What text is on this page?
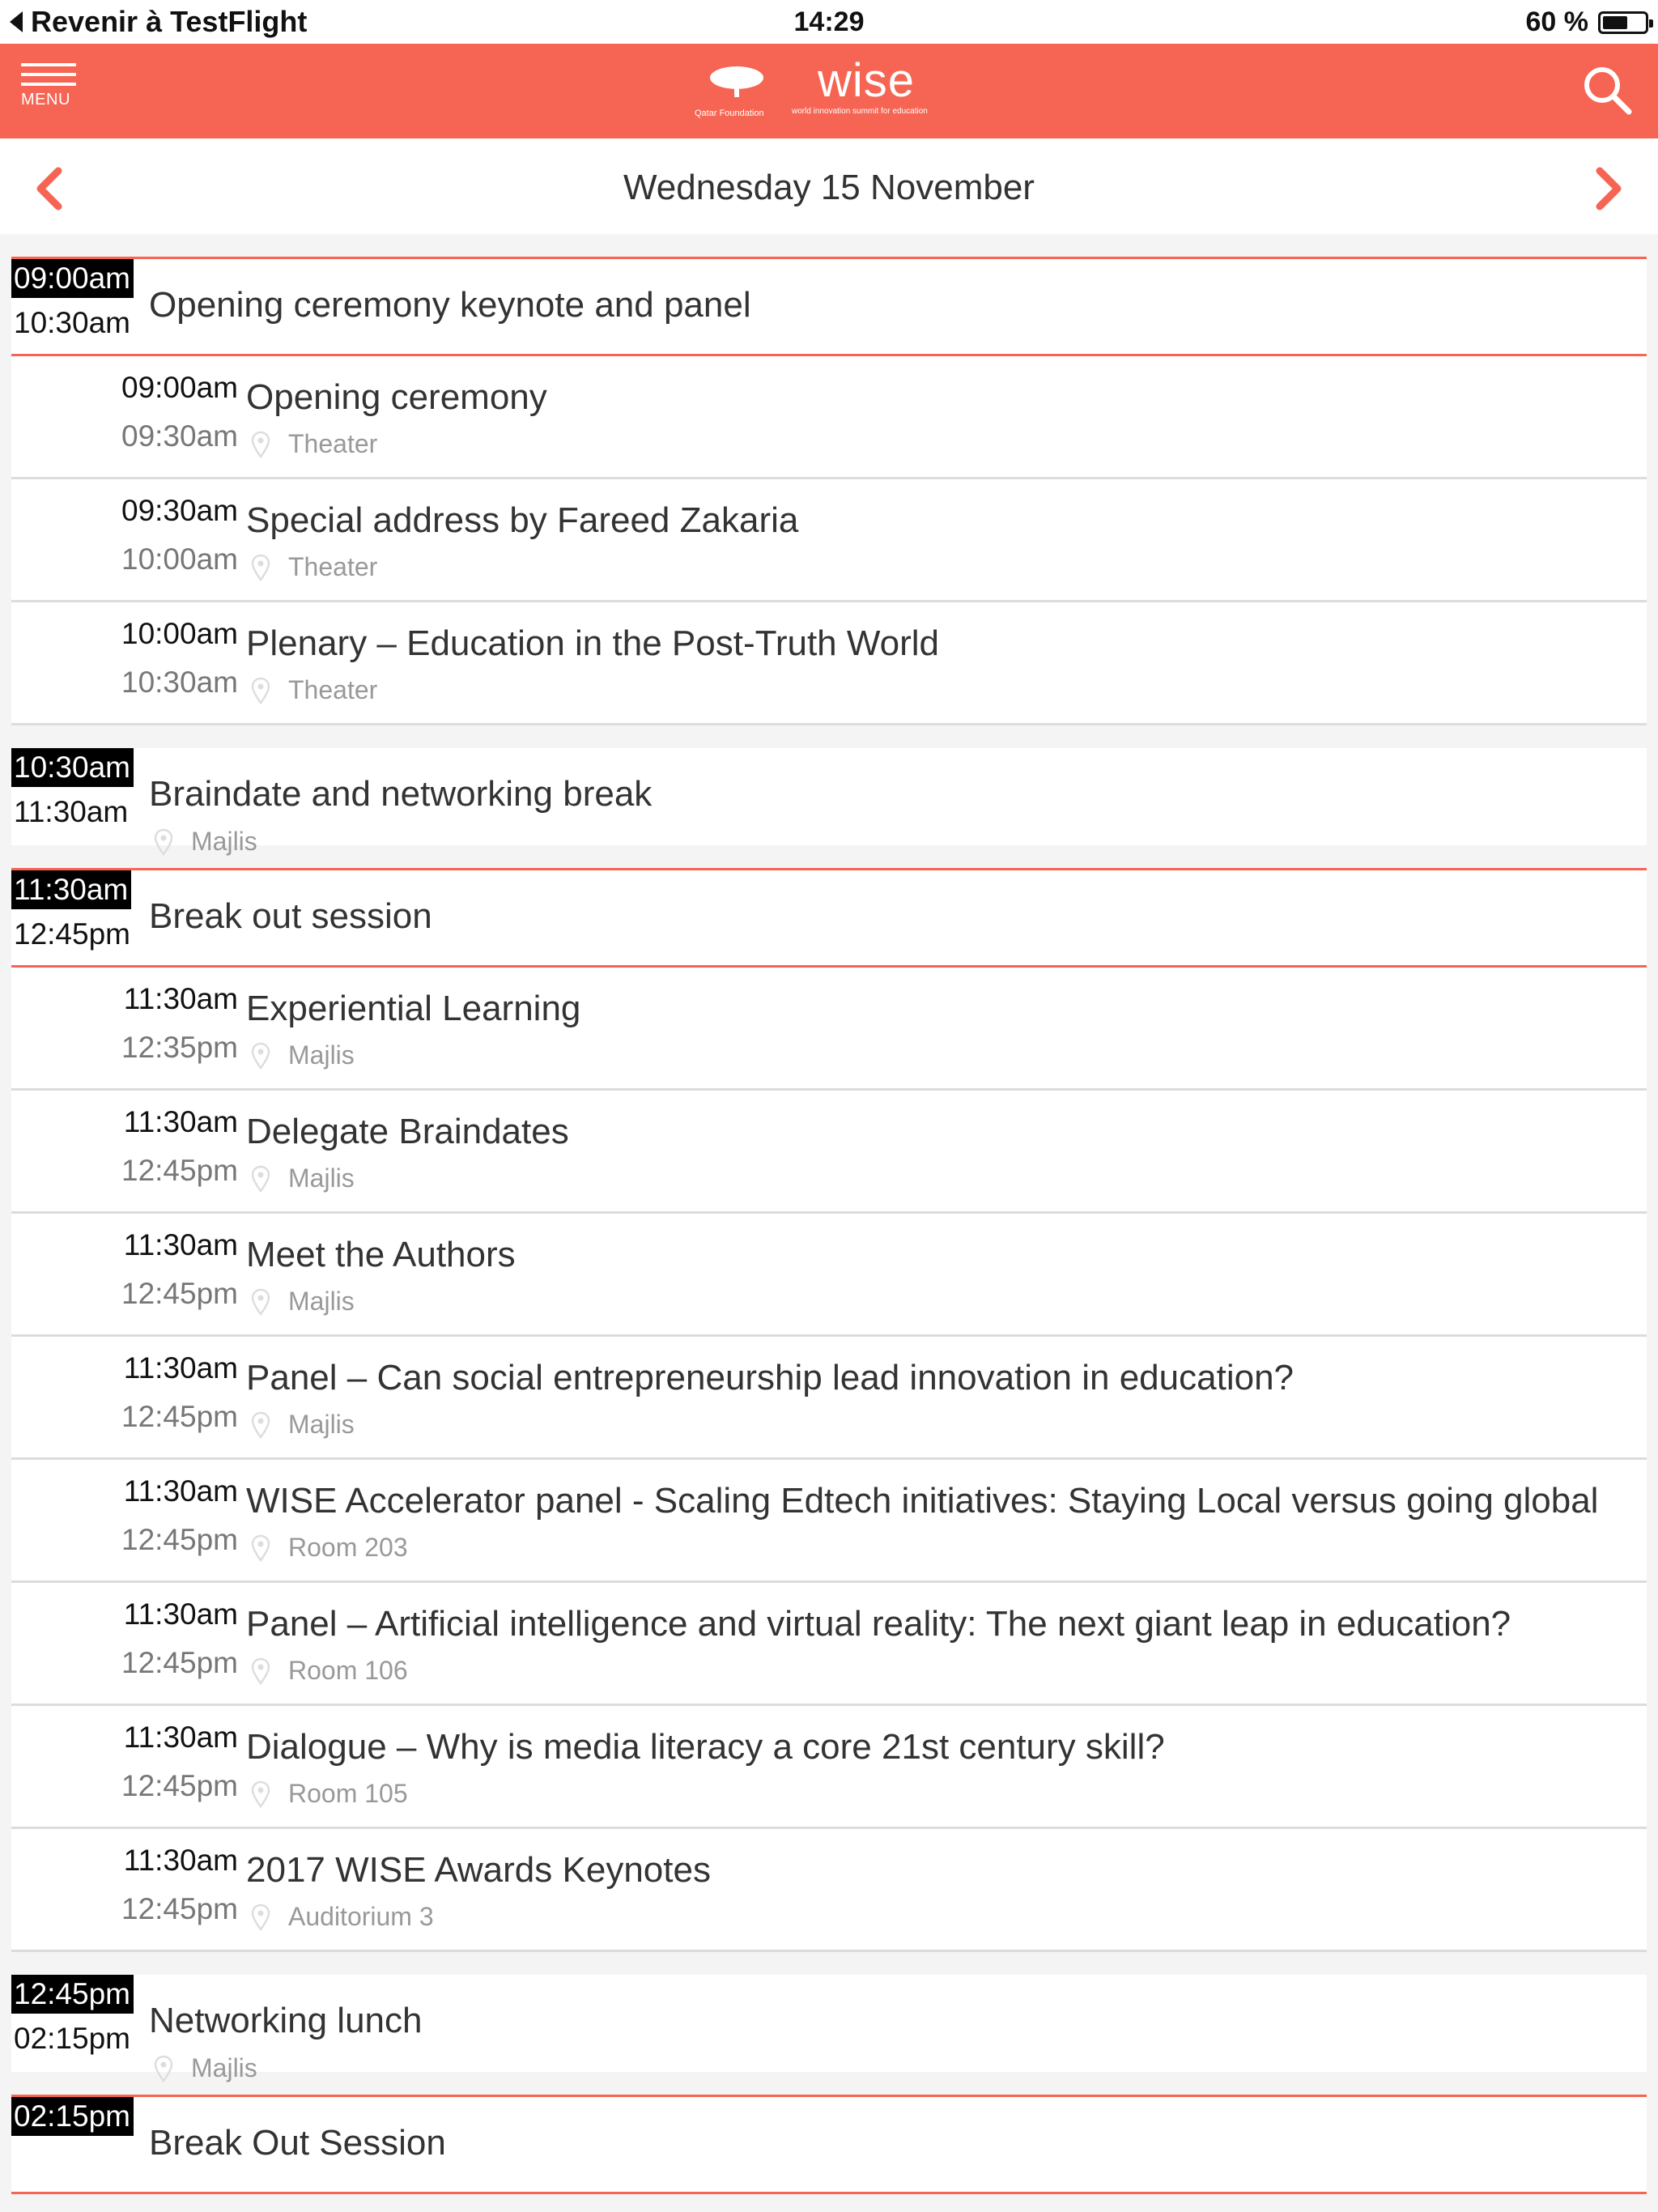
Revenir à TestFlight	14:29	60 %
MENU
Qatar Foundation
wise
world innovation summit for education
Wednesday 15 November
09:00am
10:30am Opening ceremony keynote and panel
09:00am
09:30am
Opening ceremony
Theater
09:30am
10:00am
Special address by Fareed Zakaria
Theater
10:00am
10:30am
Plenary – Education in the Post-Truth World
Theater
10:30am
11:30am Braindate and networking break
Majlis
11:30am
12:45pm Break out session
11:30am
12:35pm
Experiential Learning
Majlis
11:30am
12:45pm
Delegate Braindates
Majlis
11:30am
12:45pm
Meet the Authors
Majlis
11:30am
12:45pm
Panel – Can social entrepreneurship lead innovation in education?
Majlis
11:30am
12:45pm
WISE Accelerator panel - Scaling Edtech initiatives: Staying Local versus going global
Room 203
11:30am
12:45pm
Panel – Artificial intelligence and virtual reality: The next giant leap in education?
Room 106
11:30am
12:45pm
Dialogue – Why is media literacy a core 21st century skill?
Room 105
11:30am
12:45pm
2017 WISE Awards Keynotes
Auditorium 3
12:45pm
02:15pm Networking lunch
Majlis
02:15pm
Break Out Session
